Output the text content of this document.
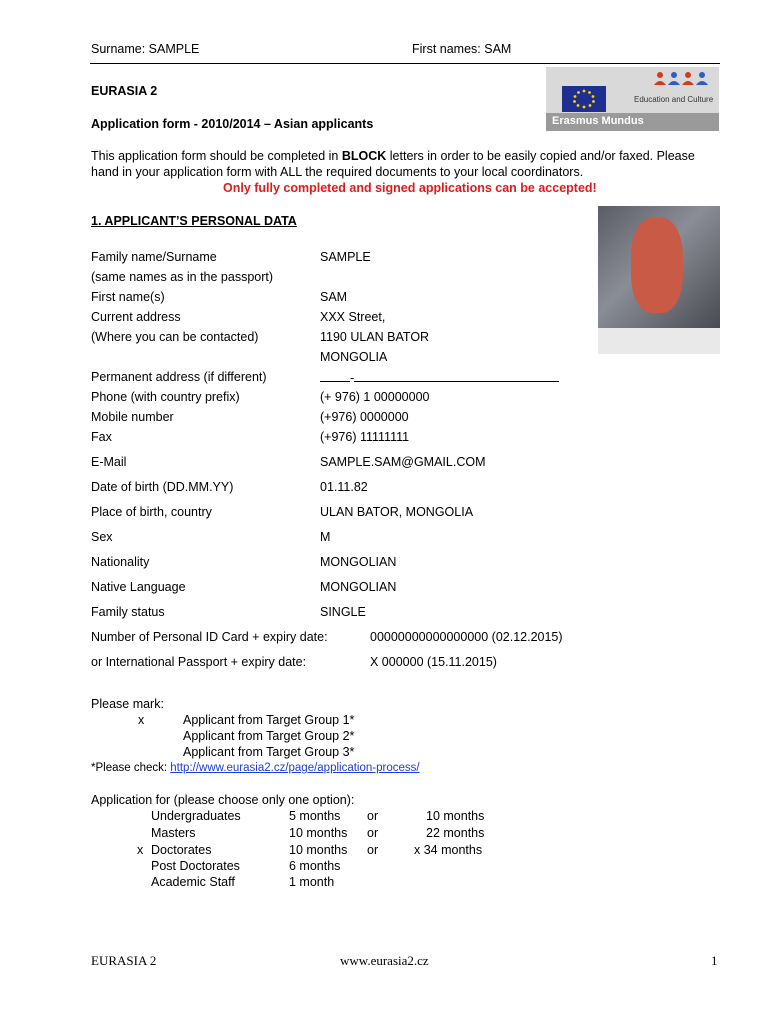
Surname: SAMPLE	First names: SAM
Education and Culture
Erasmus Mundus
EURASIA 2
Application form - 2010/2014 – Asian applicants
This application form should be completed in BLOCK letters in order to be easily copied and/or faxed. Please
hand in your application form with ALL the required documents to your local coordinators.
Only fully completed and signed applications can be accepted!
1. APPLICANT’S PERSONAL DATA
Family name/Surname	SAMPLE
(same names as in the passport)
First name(s)	SAM
Current address	XXX Street,
(Where you can be contacted)	1190 ULAN BATOR
MONGOLIA
Permanent address (if different)	-
Phone (with country prefix)	(+ 976) 1 00000000
Mobile number	(+976) 0000000
Fax	(+976) 11111111
E-Mail	SAMPLE.SAM@GMAIL.COM
Date of birth (DD.MM.YY)	01.11.82
Place of birth, country	ULAN BATOR, MONGOLIA
Sex	M
Nationality	MONGOLIAN
Native Language	MONGOLIAN
Family status	SINGLE
Number of Personal ID Card + expiry date:	00000000000000000 (02.12.2015)
or International Passport + expiry date:	X 000000 (15.11.2015)
Please mark:
x	Applicant from Target Group 1*
Applicant from Target Group 2*
Applicant from Target Group 3*
*Please check: http://www.eurasia2.cz/page/application-process/
Application for (please choose only one option):
Undergraduates	5 months or	10 months
Masters	10 months or	22 months
x Doctorates	10 months or	x 34 months
Post Doctorates	6 months
Academic Staff	1 month
EURASIA 2	www.eurasia2.cz	1
